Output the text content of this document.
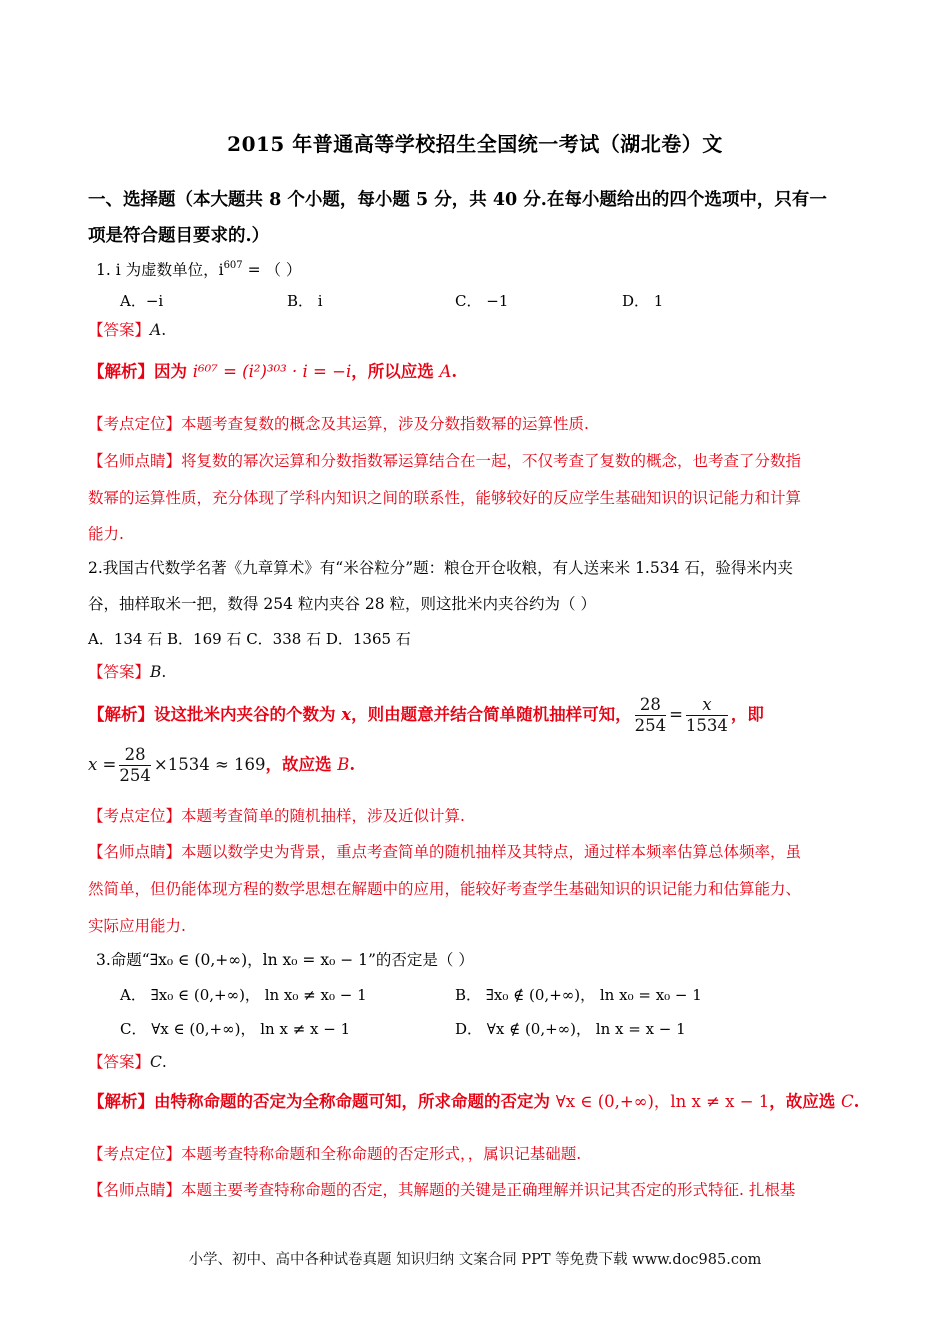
2015 年普通高等学校招生全国统一考试（湖北卷）文
一、选择题（本大题共 8 个小题，每小题 5 分，共 40 分.在每小题给出的四个选项中，只有一
项是符合题目要求的.）
1. i 为虚数单位，$i^{607}$ = （ ）
A．−i	B． i	C． −1	D． 1
【答案】A.
【解析】因为 i⁶⁰⁷ = (i²)³⁰³ · i = −i，所以应选 A.
【考点定位】本题考查复数的概念及其运算，涉及分数指数幂的运算性质.
【名师点睛】将复数的幂次运算和分数指数幂运算结合在一起，不仅考查了复数的概念，也考查了分数指
数幂的运算性质，充分体现了学科内知识之间的联系性，能够较好的反应学生基础知识的识记能力和计算
能力.
2.我国古代数学名著《九章算术》有“米谷粒分”题：粮仓开仓收粮，有人送来米 1.534 石，验得米内夹
谷，抽样取米一把，数得 254 粒内夹谷 28 粒，则这批米内夹谷约为（ ）
A．134 石 B．169 石 C．338 石 D．1365 石
【答案】B.
【解析】设这批米内夹谷的个数为 x，则由题意并结合简单随机抽样可知， $\frac{28}{254} = \frac{x}{1534}$ ，即
$x = \frac{28}{254} \times 1534 \approx 169$，故应选 B.
【考点定位】本题考查简单的随机抽样，涉及近似计算.
【名师点睛】本题以数学史为背景，重点考查简单的随机抽样及其特点，通过样本频率估算总体频率，虽
然简单，但仍能体现方程的数学思想在解题中的应用，能较好考查学生基础知识的识记能力和估算能力、
实际应用能力.
3.命题“∃x₀ ∈ (0,+∞)，ln x₀ = x₀ − 1”的否定是（ ）
A． ∃x₀ ∈ (0,+∞)， ln x₀ ≠ x₀ − 1	B． ∃x₀ ∉ (0,+∞)， ln x₀ = x₀ − 1
C． ∀x ∈ (0,+∞)， ln x ≠ x − 1	D． ∀x ∉ (0,+∞)， ln x = x − 1
【答案】C.
【解析】由特称命题的否定为全称命题可知，所求命题的否定为 ∀x ∈ (0,+∞)，ln x ≠ x − 1，故应选 C.
【考点定位】本题考查特称命题和全称命题的否定形式，，属识记基础题.
【名师点睛】本题主要考查特称命题的否定，其解题的关键是正确理解并识记其否定的形式特征. 扎根基
小学、初中、高中各种试卷真题 知识归纳 文案合同 PPT 等免费下载 www.doc985.com
